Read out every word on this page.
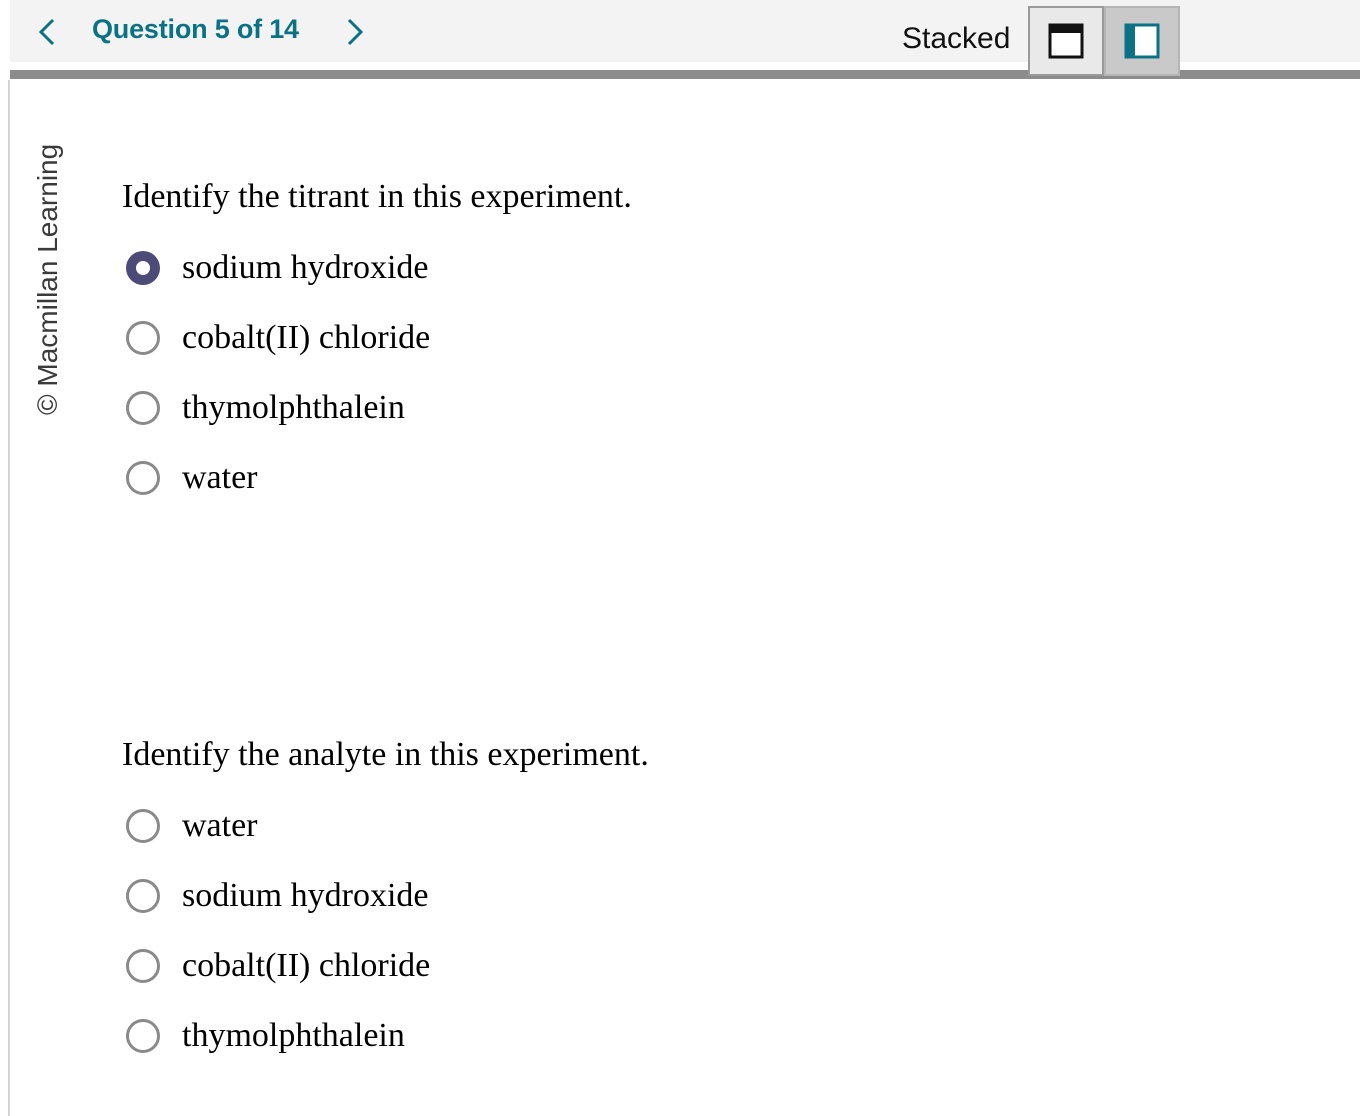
Question 5 of 14	Stacked
© Macmillan Learning Identify the titrant in this experiment.
sodium hydroxide
cobalt(II) chloride
thymolphthalein
water
Identify the analyte in this experiment.
water
sodium hydroxide
cobalt(II) chloride
thymolphthalein
